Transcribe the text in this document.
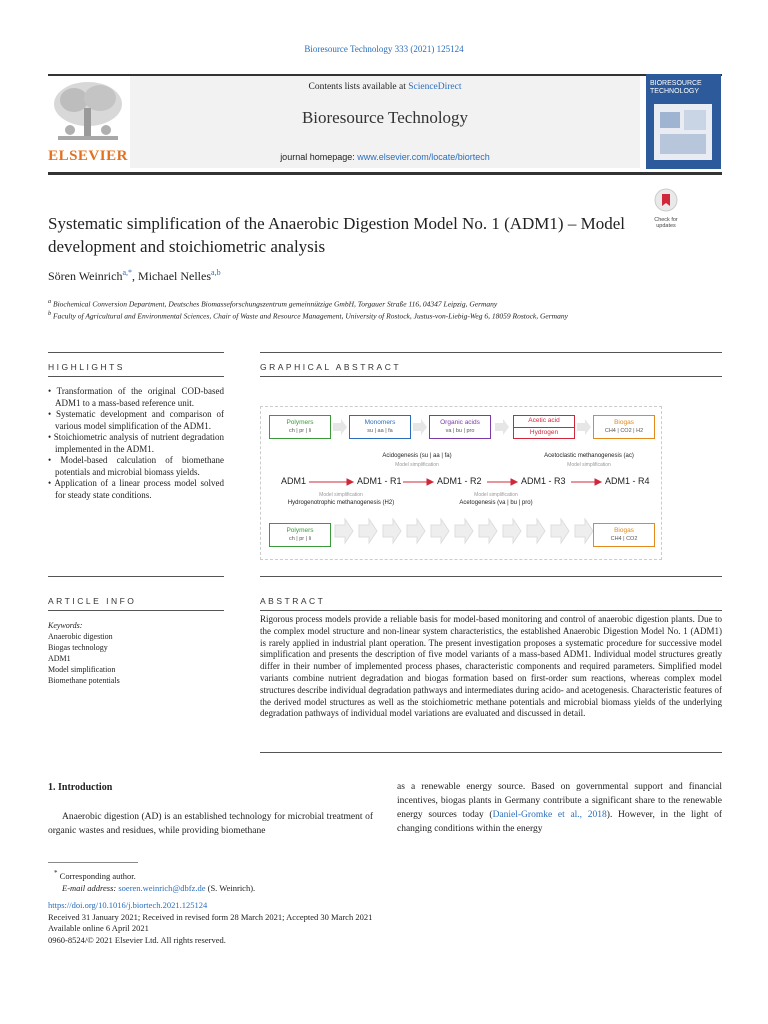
Bioresource Technology 333 (2021) 125124
Contents lists available at ScienceDirect
Bioresource Technology
journal homepage: www.elsevier.com/locate/biortech
ELSEVIER
BIORESOURCE TECHNOLOGY
Check for updates
Systematic simplification of the Anaerobic Digestion Model No. 1 (ADM1) – Model development and stoichiometric analysis
Sören Weinrich$^{a,*}$, Michael Nelles$^{a,b}$
$^a$ Biochemical Conversion Department, Deutsches Biomasseforschungszentrum gemeinnützige GmbH, Torgauer Straße 116, 04347 Leipzig, Germany
$^b$ Faculty of Agricultural and Environmental Sciences, Chair of Waste and Resource Management, University of Rostock, Justus-von-Liebig-Weg 6, 18059 Rostock, Germany
HIGHLIGHTS
• Transformation of the original COD-based ADM1 to a mass-based reference unit.
• Systematic development and comparison of various model simplification of the ADM1.
• Stoichiometric analysis of nutrient degradation implemented in the ADM1.
• Model-based calculation of biomethane potentials and microbial biomass yields.
• Application of a linear process model solved for steady state conditions.
GRAPHICAL ABSTRACT
Polymers
ch | pr | li
Monomers
su | aa | fa
Organic acids
va | bu | pro
Acetic acid
Hydrogen
Biogas
CH4 | CO2 | H2
ADM1	ADM1 - R1	ADM1 - R2	ADM1 - R3	ADM1 - R4
Acidogenesis (su | aa | fa)
Model simplification
Acetoclastic methanogenesis (ac)
Model simplification
Model simplification
Hydrogenotrophic methanogenesis (H2)
Model simplification
Acetogenesis (va | bu | pro)
Polymers
ch | pr | li
Biogas
CH4 | CO2
ARTICLE INFO
Keywords:
Anaerobic digestion
Biogas technology
ADM1
Model simplification
Biomethane potentials
ABSTRACT
Rigorous process models provide a reliable basis for model-based monitoring and control of anaerobic digestion plants. Due to the complex model structure and non-linear system characteristics, the established Anaerobic Digestion Model No. 1 (ADM1) is rarely applied in industrial plant operation. The present investigation proposes a systematic procedure for successive model simplification and presents the description of five model variants of a mass-based ADM1. Individual model structures greatly differ in their number of implemented process phases, characteristic components and required parameters. Simplified model variants combine nutrient degradation and biogas formation based on first-order sum reactions, whereas complex model structures describe individual degradation pathways and intermediates during acido- and acetogenesis. Characteristic features of the derived model structures as well as the stoichiometric methane potentials and microbial biomass yields of the underlying degradation pathways of individual model variations are evaluated and discussed in detail.
1. Introduction
Anaerobic digestion (AD) is an established technology for microbial treatment of organic wastes and residues, while providing biomethane
as a renewable energy source. Based on governmental support and financial incentives, biogas plants in Germany contribute a significant share to the renewable energy sources today (Daniel-Gromke et al., 2018). However, in the light of changing conditions within the energy
* Corresponding author.
E-mail address: soeren.weinrich@dbfz.de (S. Weinrich).
https://doi.org/10.1016/j.biortech.2021.125124
Received 31 January 2021; Received in revised form 28 March 2021; Accepted 30 March 2021
Available online 6 April 2021
0960-8524/© 2021 Elsevier Ltd. All rights reserved.
